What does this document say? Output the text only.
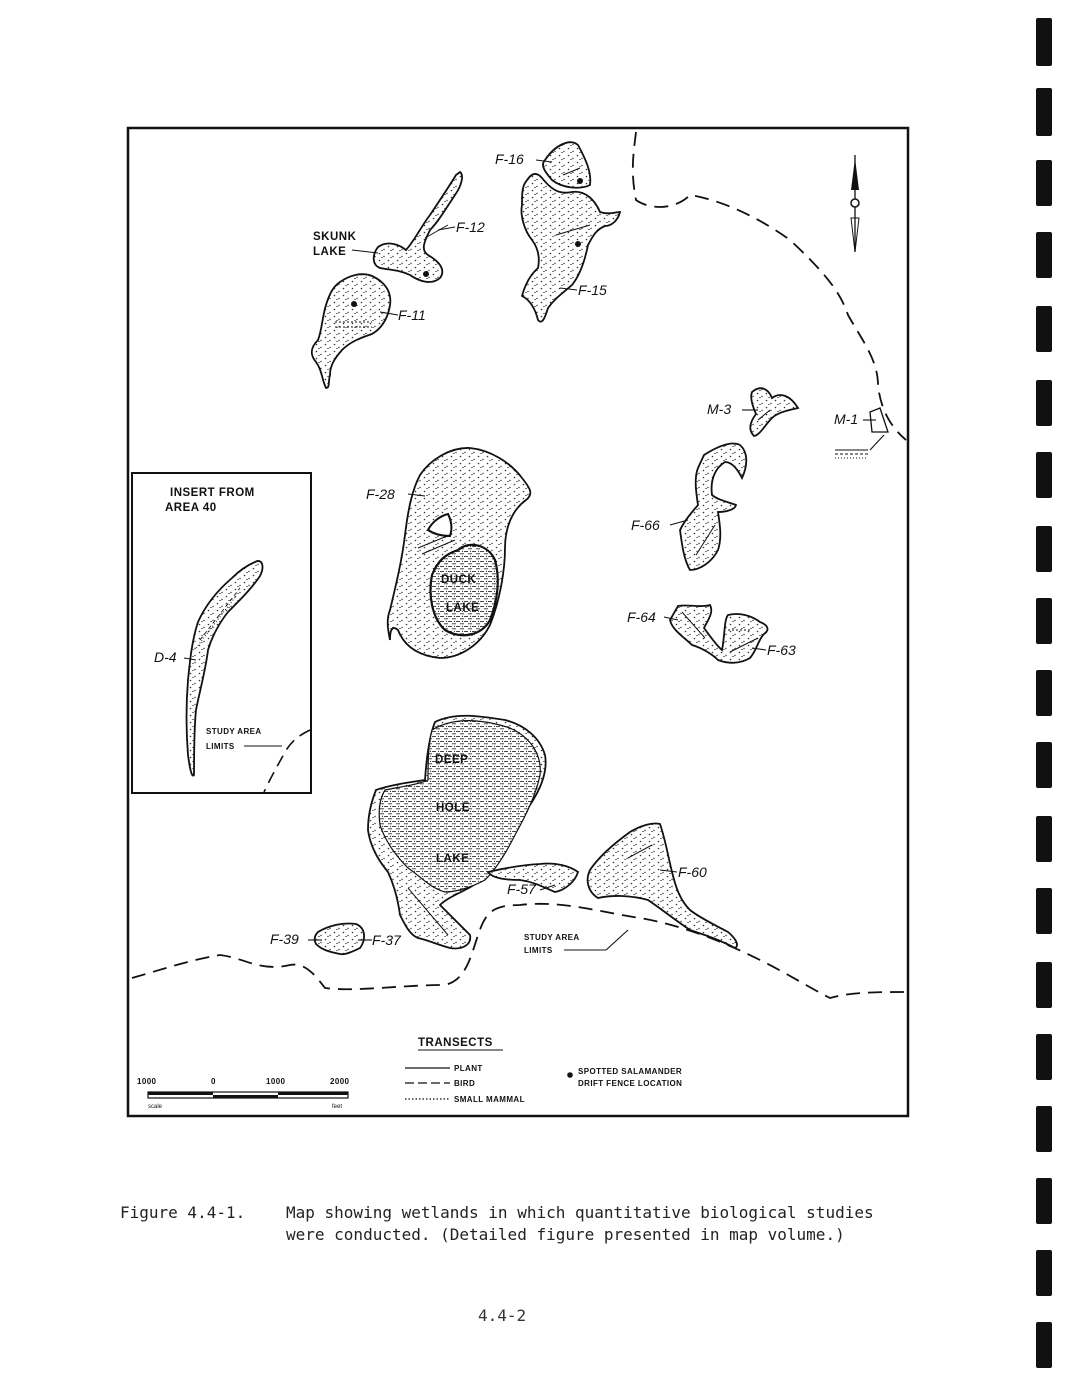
F-16
F-12
SKUNK
LAKE
F-15
F-11
M-3
M-1
F-28
DUCK
LAKE
F-66
F-64
F-63
DEEP
HOLE
LAKE
F-60
F-57
F-39	F-37	STUDY AREA
LIMITS
INSERT FROM
AREA 40
D-4
STUDY AREA
LIMITS
TRANSECTS
PLANT
BIRD
SMALL MAMMAL
SPOTTED SALAMANDER
DRIFT FENCE LOCATION
1000	0	1000	2000
scale	feet
Figure 4.4-1.	Map showing wetlands in which quantitative biological studies
were conducted. (Detailed figure presented in map volume.)
4.4-2
